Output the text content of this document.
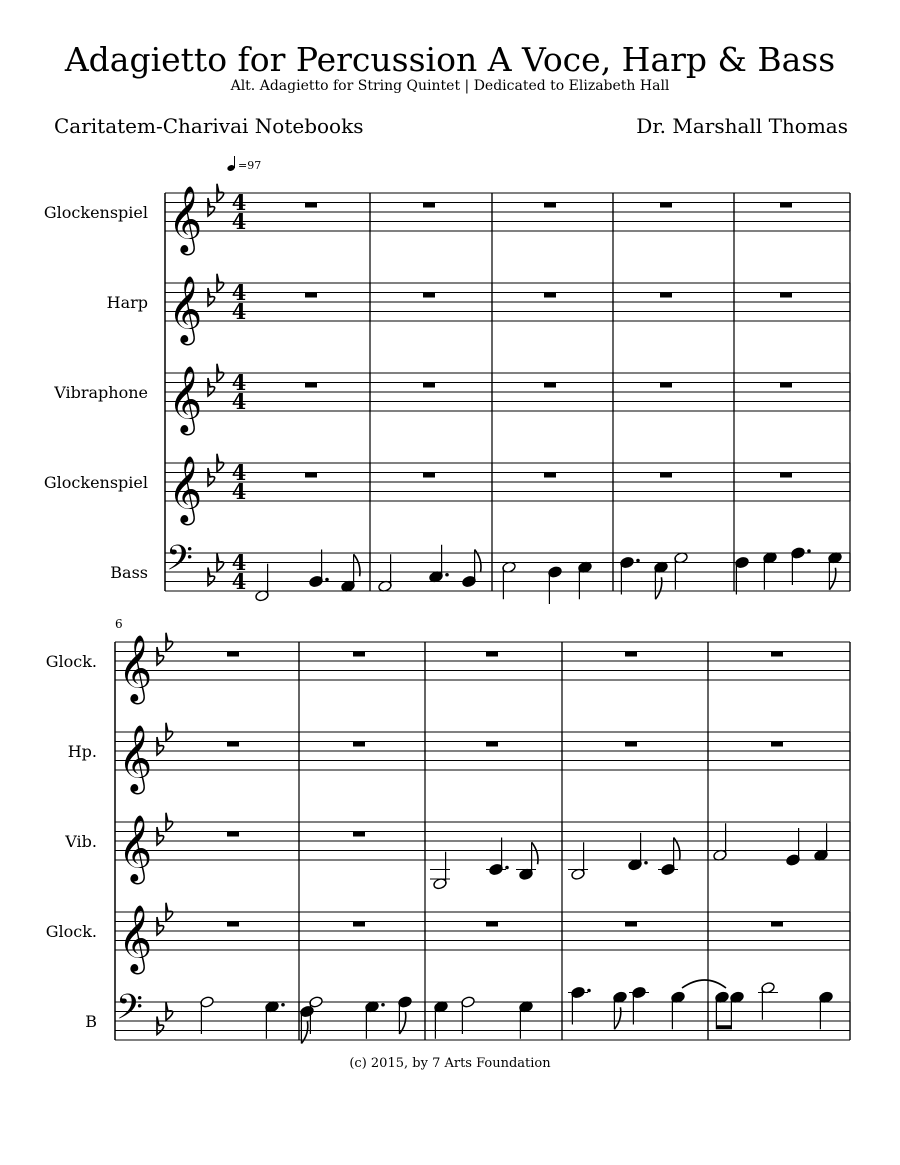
Adagietto for Percussion A Voce, Harp & Bass
Alt. Adagietto for String Quintet | Dedicated to Elizabeth Hall
Caritatem-Charivai Notebooks	Dr. Marshall Thomas
𝄞 4
4
𝄞 4
4
𝄞 4
4
𝄞 4
4
𝄢 4
4
𝄞
𝄞
𝄞
𝄞
𝄢
Glockenspiel
Harp
Vibraphone
Glockenspiel
Bass
=97
Glock.
Hp.
Vib.
Glock.
B
6
(c) 2015, by 7 Arts Foundation
